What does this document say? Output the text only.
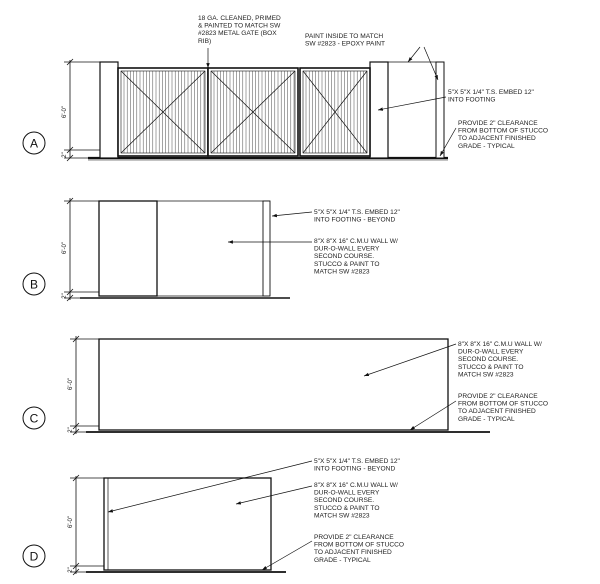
6'-0"
2"
A
18 GA. CLEANED, PRIMED & PAINTED TO MATCH SW #2823 METAL GATE (BOX RIB)
PAINT INSIDE TO MATCH SW #2823 - EPOXY PAINT
5"X 5"X 1/4" T.S. EMBED 12" INTO FOOTING
PROVIDE 2" CLEARANCE FROM BOTTOM OF STUCCO TO ADJACENT FINISHED GRADE - TYPICAL
6'-0"
2"
B
5"X 5"X 1/4" T.S. EMBED 12" INTO FOOTING - BEYOND
8"X 8"X 16" C.M.U WALL W/ DUR-O-WALL EVERY SECOND COURSE. STUCCO & PAINT TO MATCH SW #2823
6'-0"
2"
C
8"X 8"X 16" C.M.U WALL W/ DUR-O-WALL EVERY SECOND COURSE. STUCCO & PAINT TO MATCH SW #2823
PROVIDE 2" CLEARANCE FROM BOTTOM OF STUCCO TO ADJACENT FINISHED GRADE - TYPICAL
6'-0"
2"
D
5"X 5"X 1/4" T.S. EMBED 12" INTO FOOTING - BEYOND
8"X 8"X 16" C.M.U WALL W/ DUR-O-WALL EVERY SECOND COURSE. STUCCO & PAINT TO MATCH SW #2823
PROVIDE 2" CLEARANCE FROM BOTTOM OF STUCCO TO ADJACENT FINISHED GRADE - TYPICAL
